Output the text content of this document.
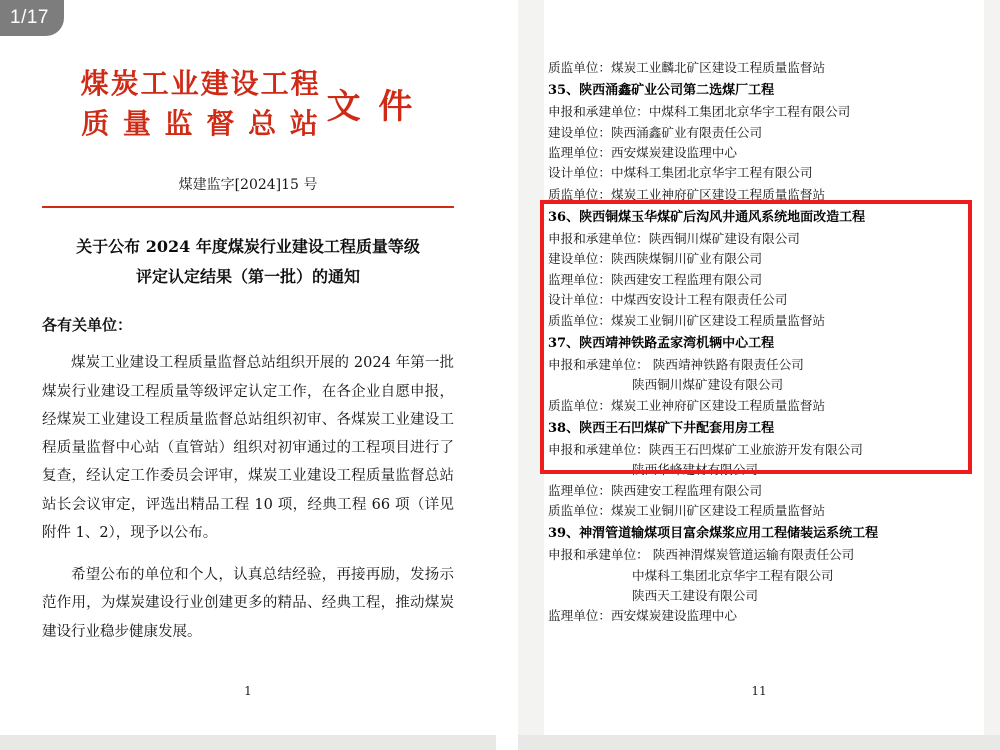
1/17
煤炭工业建设工程
质 量 监 督 总 站 文 件
煤建监字[2024]15 号
关于公布 2024 年度煤炭行业建设工程质量等级
评定认定结果（第一批）的通知
各有关单位：
煤炭工业建设工程质量监督总站组织开展的 2024 年第一批煤炭行业建设工程质量等级评定认定工作，在各企业自愿申报，经煤炭工业建设工程质量监督总站组织初审、各煤炭工业建设工程质量监督中心站（直管站）组织对初审通过的工程项目进行了复查，经认定工作委员会评审，煤炭工业建设工程质量监督总站站长会议审定，评选出精品工程 10 项，经典工程 66 项（详见附件 1、2），现予以公布。
希望公布的单位和个人，认真总结经验，再接再励，发扬示范作用，为煤炭建设行业创建更多的精品、经典工程，推动煤炭建设行业稳步健康发展。
1
质监单位：煤炭工业麟北矿区建设工程质量监督站
35、陕西涌鑫矿业公司第二选煤厂工程
申报和承建单位：中煤科工集团北京华宇工程有限公司
建设单位：陕西涌鑫矿业有限责任公司
监理单位：西安煤炭建设监理中心
设计单位：中煤科工集团北京华宇工程有限公司
质监单位：煤炭工业神府矿区建设工程质量监督站
36、陕西铜煤玉华煤矿后沟风井通风系统地面改造工程
申报和承建单位：陕西铜川煤矿建设有限公司
建设单位：陕西陕煤铜川矿业有限公司
监理单位：陕西建安工程监理有限公司
设计单位：中煤西安设计工程有限责任公司
质监单位：煤炭工业铜川矿区建设工程质量监督站
37、陕西靖神铁路孟家湾机辆中心工程
申报和承建单位： 陕西靖神铁路有限责任公司
陕西铜川煤矿建设有限公司
质监单位：煤炭工业神府矿区建设工程质量监督站
38、陕西王石凹煤矿下井配套用房工程
申报和承建单位：陕西王石凹煤矿工业旅游开发有限公司
陕西华峰建材有限公司
监理单位：陕西建安工程监理有限公司
质监单位：煤炭工业铜川矿区建设工程质量监督站
39、神渭管道输煤项目富余煤浆应用工程储装运系统工程
申报和承建单位： 陕西神渭煤炭管道运输有限责任公司
中煤科工集团北京华宇工程有限公司
陕西天工建设有限公司
监理单位：西安煤炭建设监理中心
11
